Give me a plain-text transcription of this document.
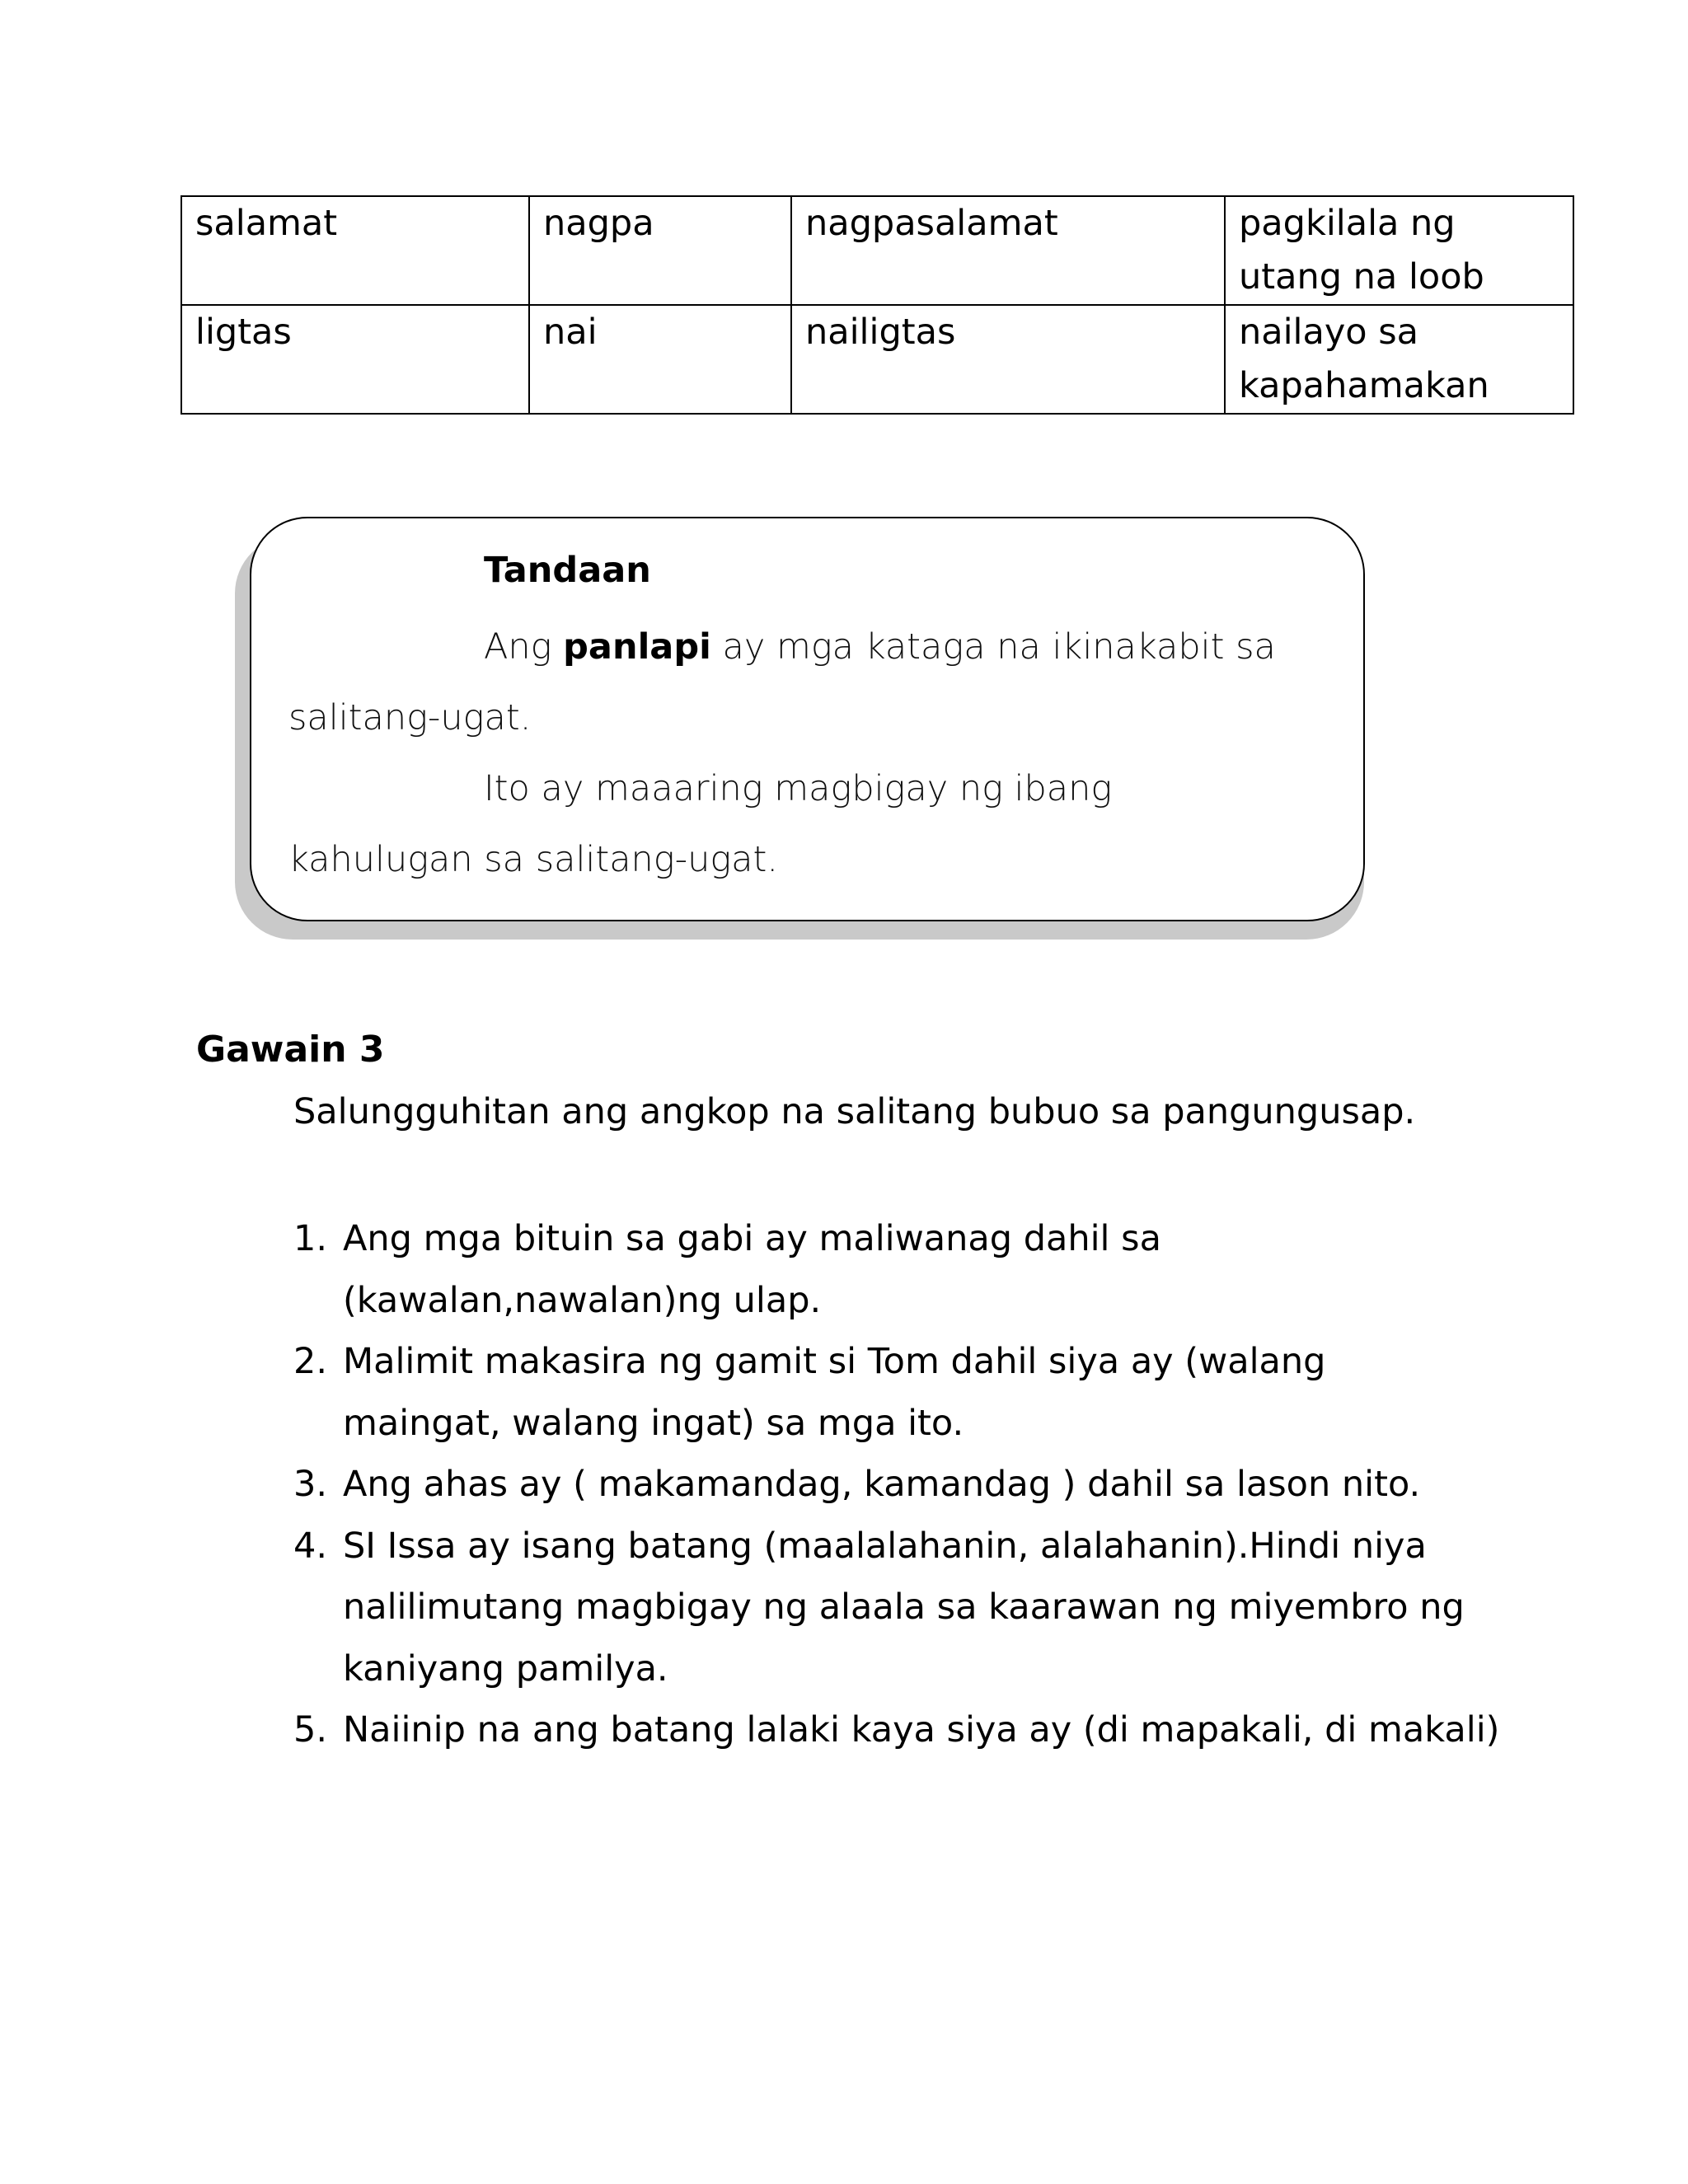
salamat	nagpa	nagpasalamat	pagkilala ng
utang na loob

ligtas	nai	nailigtas	nailayo sa
kapahamakan
Tandaan
Ang panlapi ay mga kataga na ikinakabit sa
salitang-ugat.
Ito ay maaaring magbigay ng ibang
kahulugan sa salitang-ugat.
Gawain 3
Salungguhitan ang angkop na salitang bubuo sa pangungusap.
1. Ang mga bituin sa gabi ay maliwanag dahil sa
(kawalan,nawalan)ng ulap.
2. Malimit makasira ng gamit si Tom dahil siya ay (walang
maingat, walang ingat) sa mga ito.
3. Ang ahas ay ( makamandag, kamandag ) dahil sa lason nito.
4. SI Issa ay isang batang (maalalahanin, alalahanin).Hindi niya
nalilimutang magbigay ng alaala sa kaarawan ng miyembro ng
kaniyang pamilya.
5. Naiinip na ang batang lalaki kaya siya ay (di mapakali, di makali)
